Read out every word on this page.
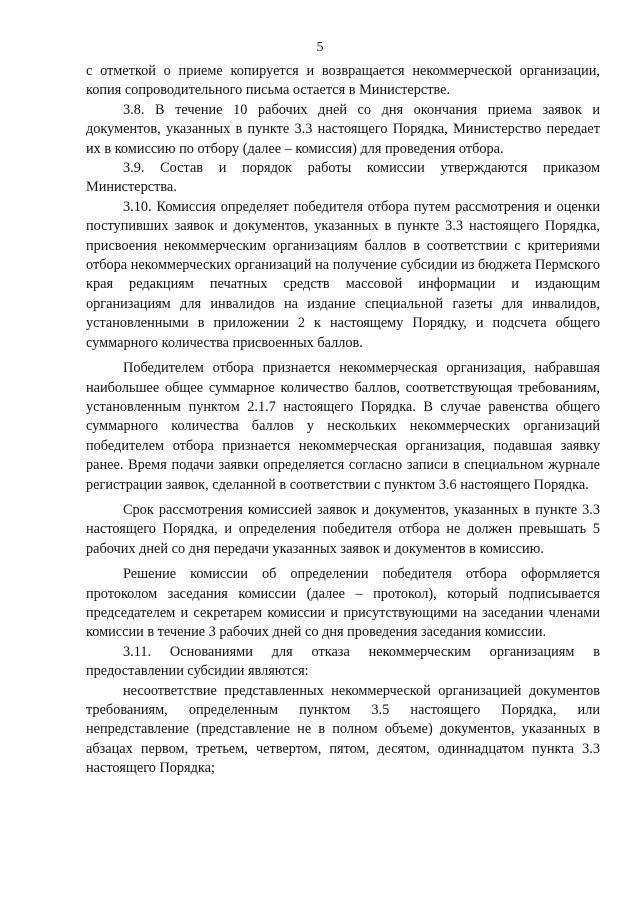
5

с отметкой о приеме копируется и возвращается некоммерческой организации, копия сопроводительного письма остается в Министерстве.

3.8. В течение 10 рабочих дней со дня окончания приема заявок и документов, указанных в пункте 3.3 настоящего Порядка, Министерство передает их в комиссию по отбору (далее – комиссия) для проведения отбора.

3.9. Состав и порядок работы комиссии утверждаются приказом Министерства.

3.10. Комиссия определяет победителя отбора путем рассмотрения и оценки поступивших заявок и документов, указанных в пункте 3.3 настоящего Порядка, присвоения некоммерческим организациям баллов в соответствии с критериями отбора некоммерческих организаций на получение субсидии из бюджета Пермского края редакциям печатных средств массовой информации и издающим организациям для инвалидов на издание специальной газеты для инвалидов, установленными в приложении 2 к настоящему Порядку, и подсчета общего суммарного количества присвоенных баллов.

Победителем отбора признается некоммерческая организация, набравшая наибольшее общее суммарное количество баллов, соответствующая требованиям, установленным пунктом 2.1.7 настоящего Порядка. В случае равенства общего суммарного количества баллов у нескольких некоммерческих организаций победителем отбора признается некоммерческая организация, подавшая заявку ранее. Время подачи заявки определяется согласно записи в специальном журнале регистрации заявок, сделанной в соответствии с пунктом 3.6 настоящего Порядка.

Срок рассмотрения комиссией заявок и документов, указанных в пункте 3.3 настоящего Порядка, и определения победителя отбора не должен превышать 5 рабочих дней со дня передачи указанных заявок и документов в комиссию.

Решение комиссии об определении победителя отбора оформляется протоколом заседания комиссии (далее – протокол), который подписывается председателем и секретарем комиссии и присутствующими на заседании членами комиссии в течение 3 рабочих дней со дня проведения заседания комиссии.

3.11. Основаниями для отказа некоммерческим организациям в предоставлении субсидии являются:

несоответствие представленных некоммерческой организацией документов требованиям, определенным пунктом 3.5 настоящего Порядка, или непредставление (представление не в полном объеме) документов, указанных в абзацах первом, третьем, четвертом, пятом, десятом, одиннадцатом пункта 3.3 настоящего Порядка;
